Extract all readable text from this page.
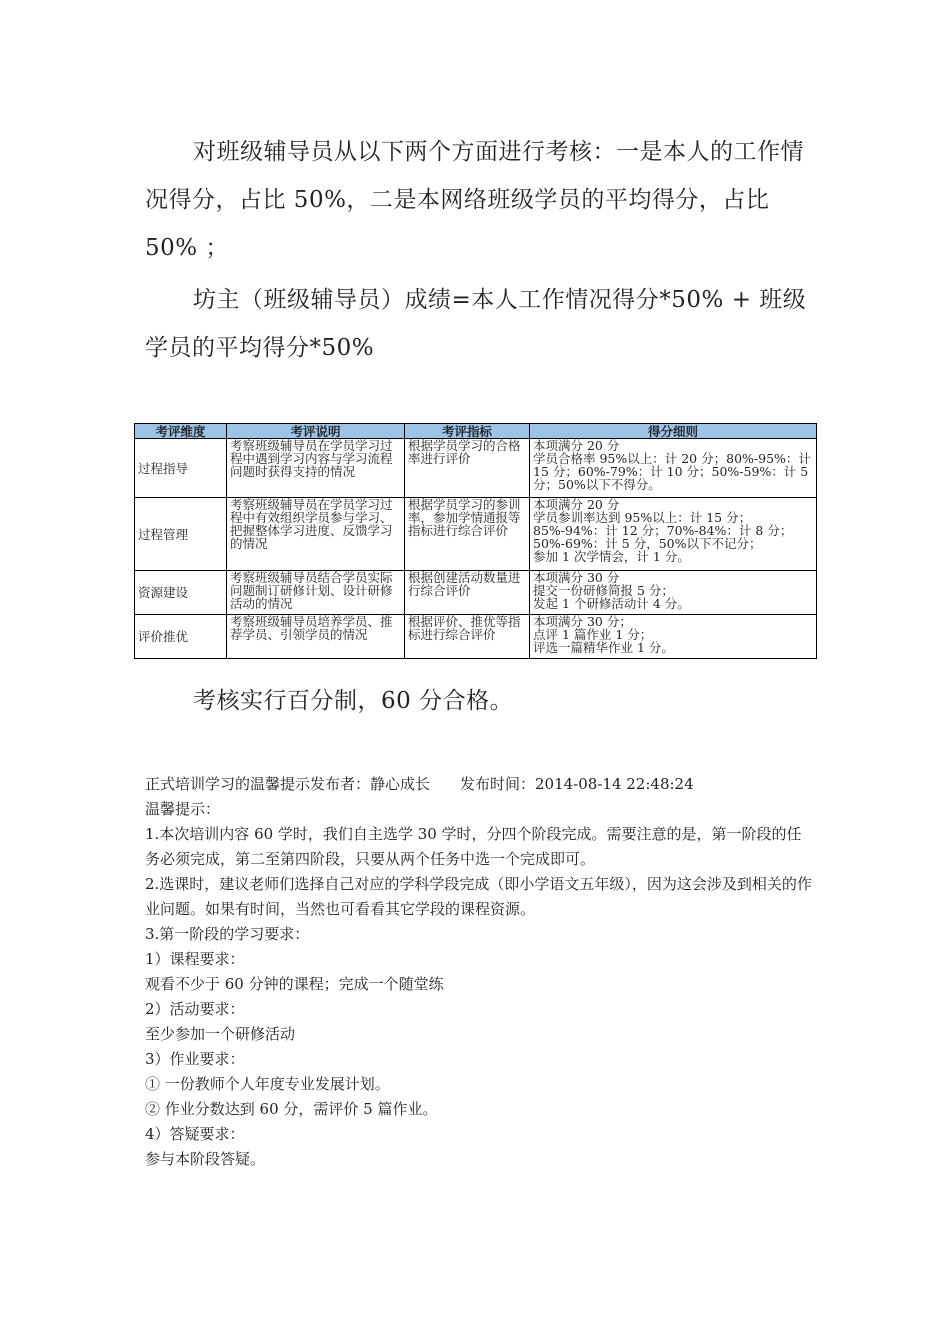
对班级辅导员从以下两个方面进行考核：一是本人的工作情况得分，占比 50%，二是本网络班级学员的平均得分，占比 50% ；
坊主（班级辅导员）成绩=本人工作情况得分*50% + 班级学员的平均得分*50%
考评维度	考评说明	考评指标	得分细则
过程指导	考察班级辅导员在学员学习过程中遇到学习内容与学习流程问题时获得支持的情况	根据学员学习的合格率进行评价	本项满分 20 分
学员合格率 95%以上：计 20 分；80%-95%：计 15 分；60%-79%：计 10 分；50%-59%：计 5 分；50%以下不得分。
过程管理	考察班级辅导员在学员学习过程中有效组织学员参与学习、把握整体学习进度、反馈学习的情况	根据学员学习的参训率，参加学情通报等指标进行综合评价	本项满分 20 分
学员参训率达到 95%以上：计 15 分；85%-94%：计 12 分；70%-84%：计 8 分；50%-69%：计 5 分，50%以下不记分；
参加 1 次学情会，计 1 分。
资源建设	考察班级辅导员结合学员实际问题制订研修计划、设计研修活动的情况	根据创建活动数量进行综合评价	本项满分 30 分
提交一份研修简报 5 分；
发起 1 个研修活动计 4 分。
评价推优	考察班级辅导员培养学员、推荐学员、引领学员的情况	根据评价、推优等指标进行综合评价	本项满分 30 分；
点评 1 篇作业 1 分；
评选一篇精华作业 1 分。
考核实行百分制，60 分合格。
正式培训学习的温馨提示发布者：静心成长　　发布时间：2014-08-14 22:48:24
温馨提示：
1.本次培训内容 60 学时，我们自主选学 30 学时，分四个阶段完成。需要注意的是，第一阶段的任务必须完成，第二至第四阶段，只要从两个任务中选一个完成即可。
2.选课时，建议老师们选择自己对应的学科学段完成（即小学语文五年级），因为这会涉及到相关的作业问题。如果有时间，当然也可看看其它学段的课程资源。
3.第一阶段的学习要求：
1）课程要求：
观看不少于 60 分钟的课程；完成一个随堂练
2）活动要求：
至少参加一个研修活动
3）作业要求：
① 一份教师个人年度专业发展计划。
② 作业分数达到 60 分，需评价 5 篇作业。
4）答疑要求：
参与本阶段答疑。
